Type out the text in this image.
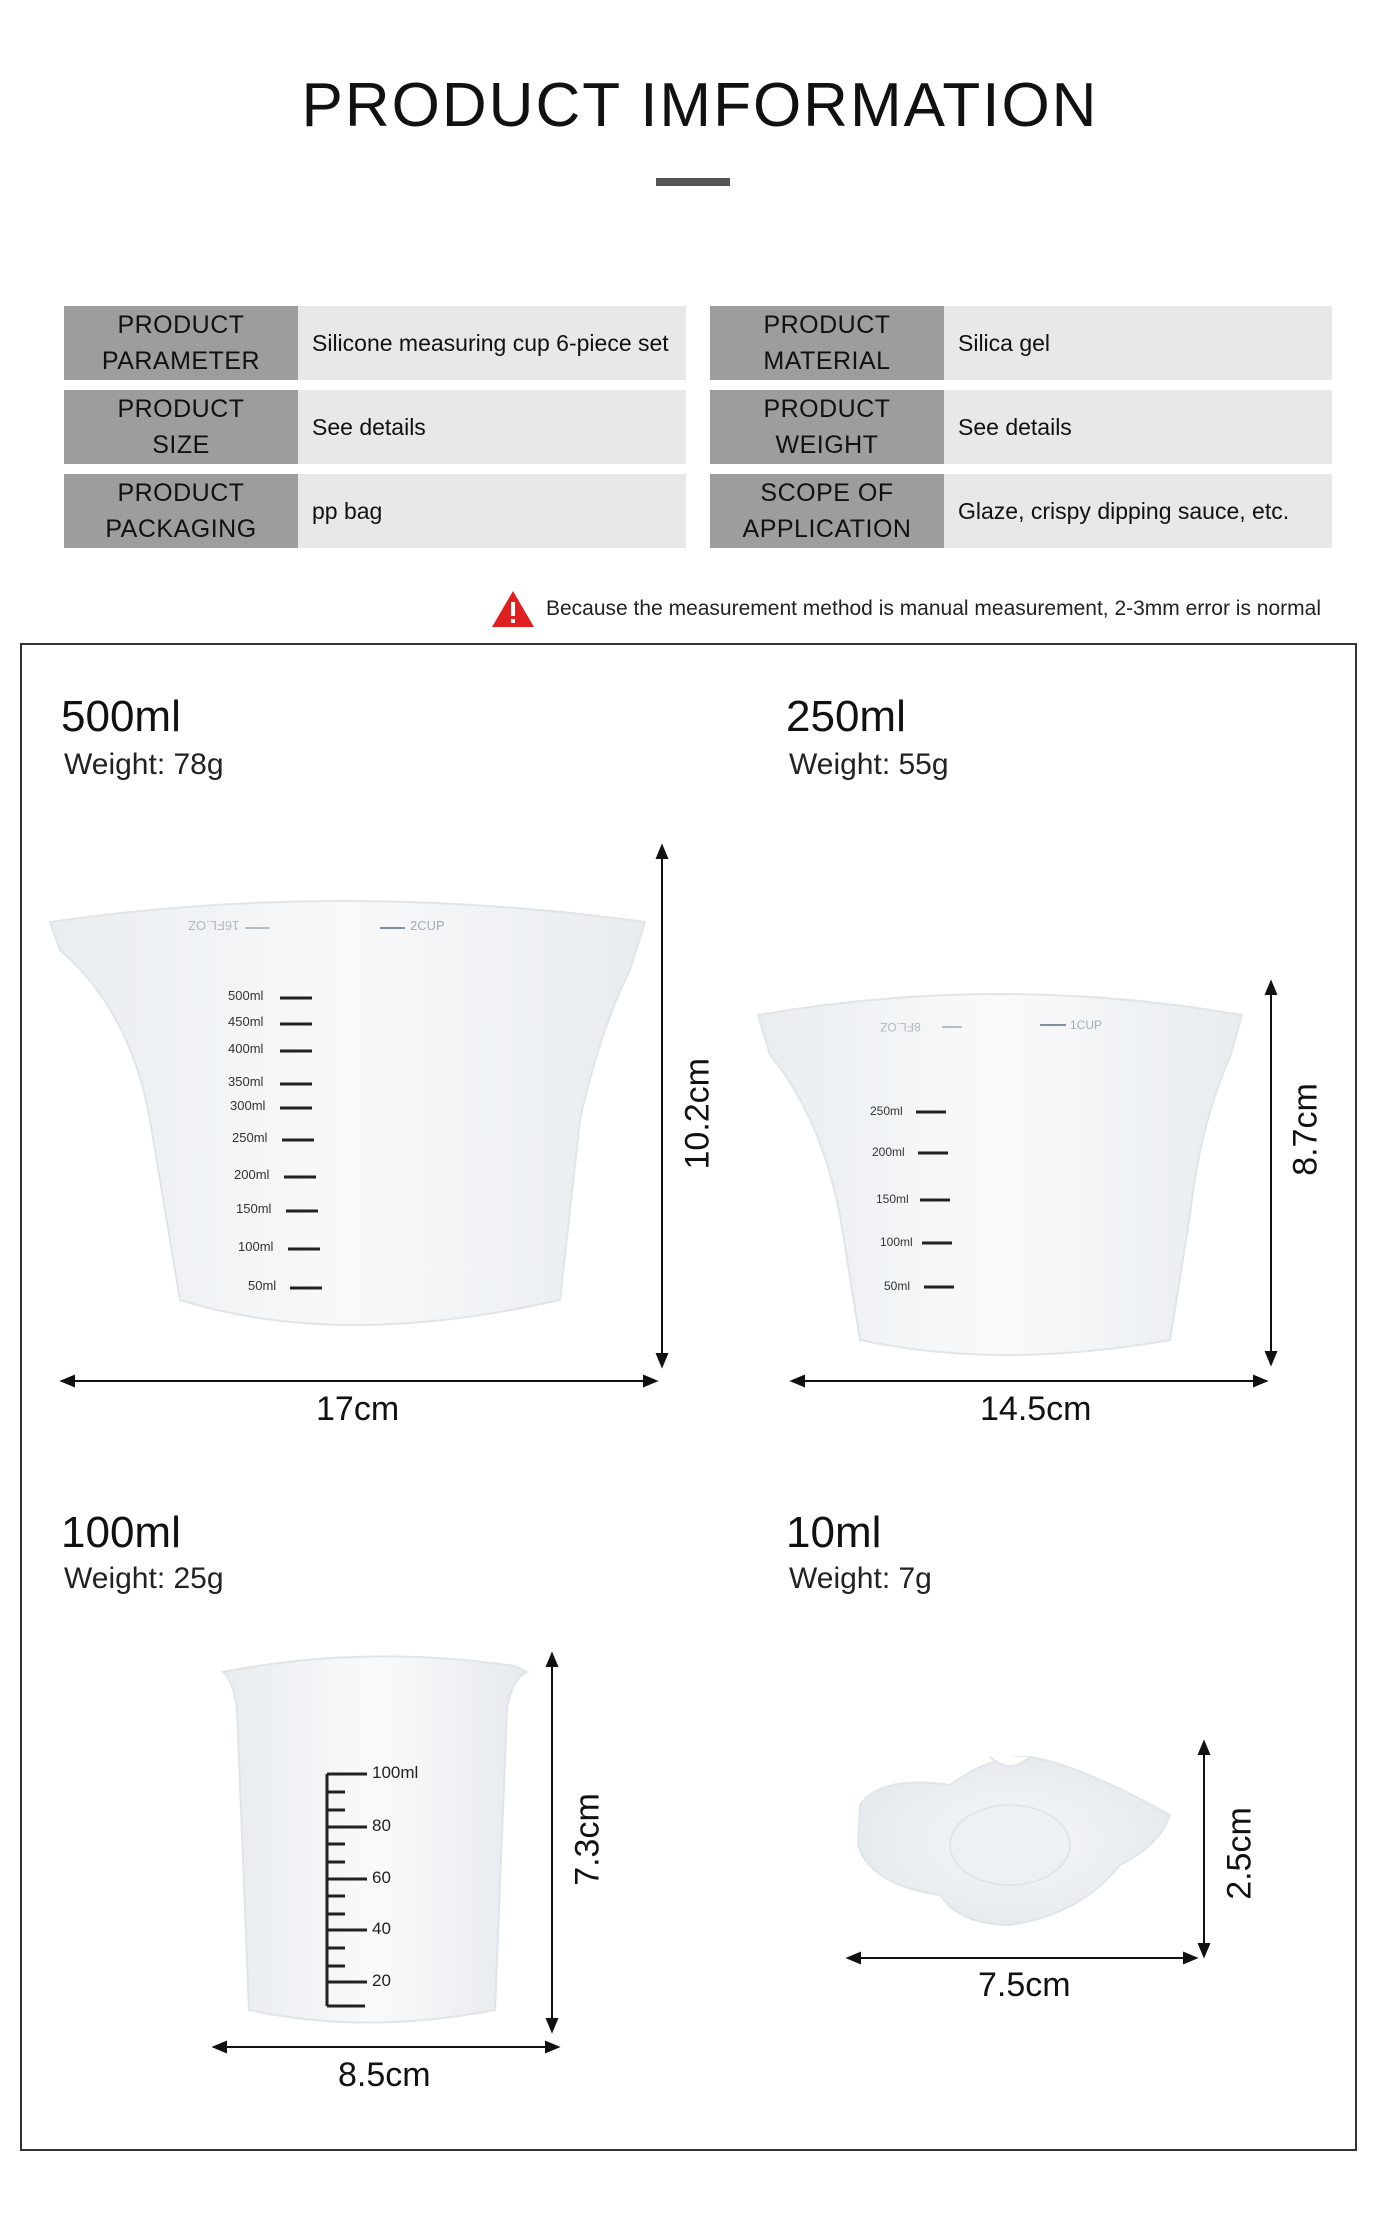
PRODUCT IMFORMATION
PRODUCT
PARAMETER
Silicone measuring cup 6-piece set
PRODUCT
MATERIAL
Silica gel
PRODUCT
SIZE
See details
PRODUCT
WEIGHT
See details
PRODUCT
PACKAGING
pp bag
SCOPE OF
APPLICATION
Glaze, crispy dipping sauce, etc.
Because the measurement method is manual measurement, 2-3mm error is normal
500ml
Weight: 78g
16FL.OZ	2CUP
500ml
450ml
400ml
350ml
300ml
250ml
200ml
150ml
100ml
50ml
17cm
10.2cm
250ml
Weight: 55g
8FL.OZ	1CUP
250ml
200ml
150ml
100ml
50ml
14.5cm
8.7cm
100ml
Weight: 25g
100ml
80
60
40
20
8.5cm
7.3cm
10ml
Weight: 7g
7.5cm
2.5cm
